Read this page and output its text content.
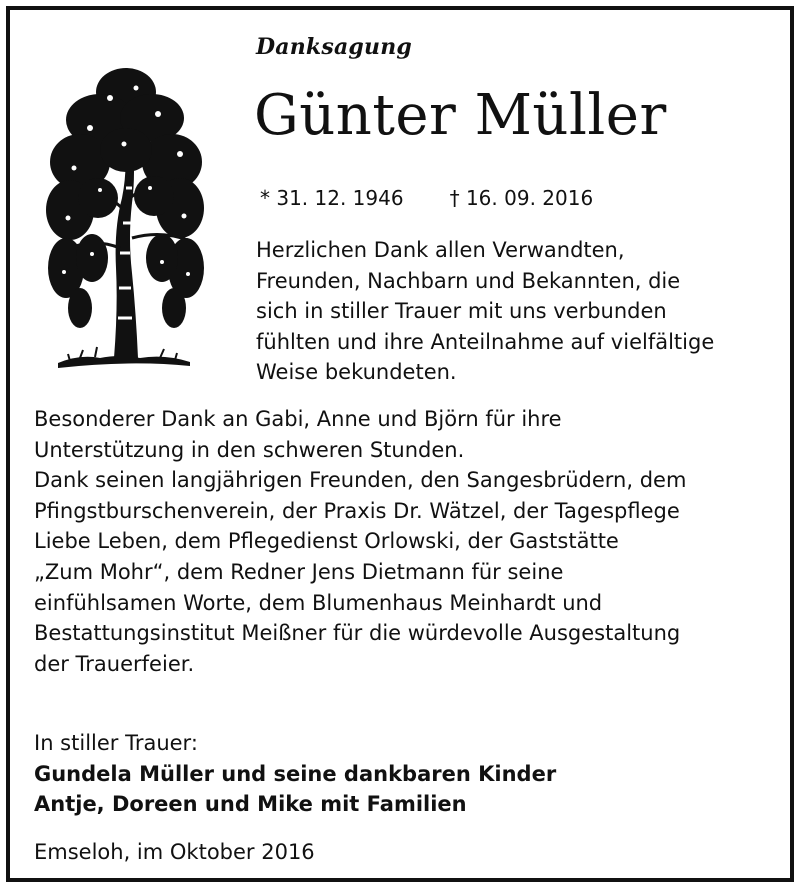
Danksagung
Günter Müller
* 31. 12. 1946 † 16. 09. 2016
Herzlichen Dank allen Verwandten,
Freunden, Nachbarn und Bekannten, die
sich in stiller Trauer mit uns verbunden
fühlten und ihre Anteilnahme auf vielfältige
Weise bekundeten.
Besonderer Dank an Gabi, Anne und Björn für ihre
Unterstützung in den schweren Stunden.
Dank seinen langjährigen Freunden, den Sangesbrüdern, dem
Pfingstburschenverein, der Praxis Dr. Wätzel, der Tagespflege
Liebe Leben, dem Pflegedienst Orlowski, der Gaststätte
„Zum Mohr“, dem Redner Jens Dietmann für seine
einfühlsamen Worte, dem Blumenhaus Meinhardt und
Bestattungsinstitut Meißner für die würdevolle Ausgestaltung
der Trauerfeier.
In stiller Trauer:
Gundela Müller und seine dankbaren Kinder
Antje, Doreen und Mike mit Familien
Emseloh, im Oktober 2016
